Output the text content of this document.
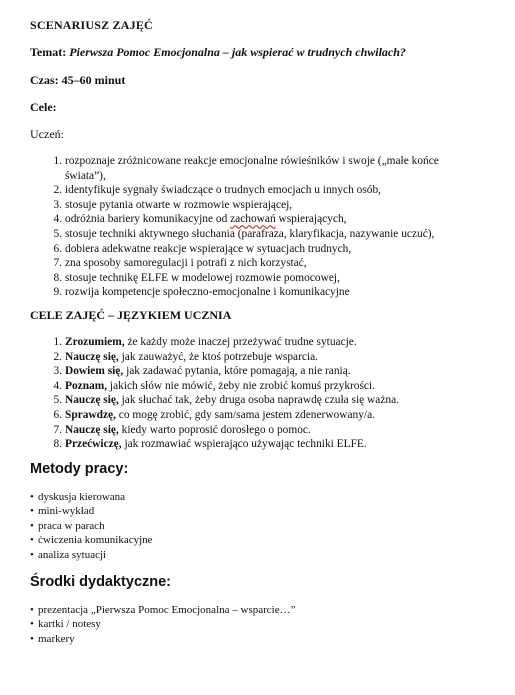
SCENARIUSZ ZAJĘĆ
Temat: Pierwsza Pomoc Emocjonalna – jak wspierać w trudnych chwilach?
Czas: 45–60 minut
Cele:
Uczeń:
1. rozpoznaje zróżnicowane reakcje emocjonalne rówieśników i swoje („małe końce świata”),
2. identyfikuje sygnały świadczące o trudnych emocjach u innych osób,
3. stosuje pytania otwarte w rozmowie wspierającej,
4. odróżnia bariery komunikacyjne od zachowań wspierających,
5. stosuje techniki aktywnego słuchania (parafraza, klaryfikacja, nazywanie uczuć),
6. dobiera adekwatne reakcje wspierające w sytuacjach trudnych,
7. zna sposoby samoregulacji i potrafi z nich korzystać,
8. stosuje technikę ELFE w modelowej rozmowie pomocowej,
9. rozwija kompetencje społeczno-emocjonalne i komunikacyjne
CELE ZAJĘĆ – JĘZYKIEM UCZNIA
1. Zrozumiem, że każdy może inaczej przeżywać trudne sytuacje.
2. Nauczę się, jak zauważyć, że ktoś potrzebuje wsparcia.
3. Dowiem się, jak zadawać pytania, które pomagają, a nie ranią.
4. Poznam, jakich słów nie mówić, żeby nie zrobić komuś przykrości.
5. Nauczę się, jak słuchać tak, żeby druga osoba naprawdę czuła się ważna.
6. Sprawdzę, co mogę zrobić, gdy sam/sama jestem zdenerwowany/a.
7. Nauczę się, kiedy warto poprosić dorosłego o pomoc.
8. Przećwiczę, jak rozmawiać wspierająco używając techniki ELFE.
Metody pracy:
• dyskusja kierowana
• mini-wykład
• praca w parach
• ćwiczenia komunikacyjne
• analiza sytuacji
Środki dydaktyczne:
• prezentacja „Pierwsza Pomoc Emocjonalna – wsparcie…”
• kartki / notesy
• markery
